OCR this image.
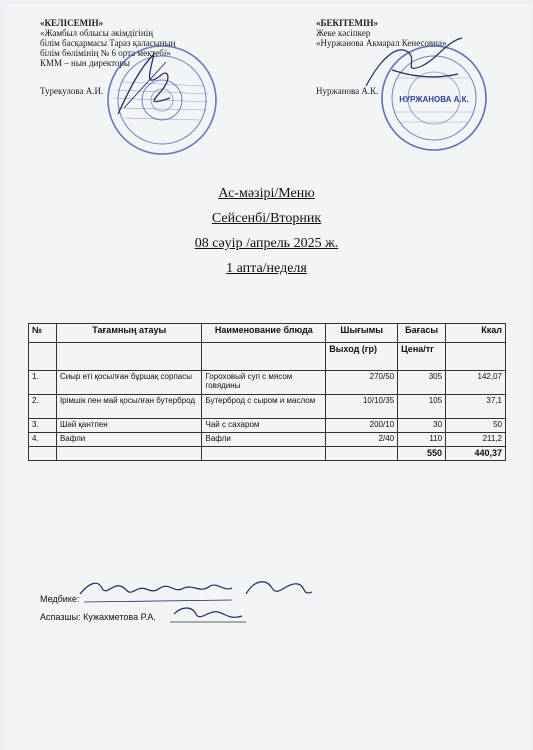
«КЕЛІСЕМІН»
«Жамбыл облысы әкімдігінің
білім басқармасы Тараз қаласының
білім бөлімінің № 6 орта мектебі»
КММ – нын директоры
Турекулова А.И.
«БЕКІТЕМІН»
Жеке кәсіпкер
«Нуржанова Акмарал Кенесовна»
Нуржанова А.К.
НУРЖАНОВА А.К.
Ас-мәзірі/Меню
Сейсенбі/Вторник
08 сәуір /апрель 2025 ж.
1 апта/неделя
№	Тағамның атауы	Наименование блюда	Шығымы	Бағасы	Ккал
			Выход (гр)	Цена/тг	
1.	Сиыр еті қосылған бұршақ сорпасы	Гороховый суп с мясом говядины	270/50	305	142,07
2.	Ірімшік пен май қосылған бутерброд	Бутерброд с сыром и маслом	10/10/35	105	37,1
3.	Шәй қантпен	Чай с сахаром	200/10	30	50
4.	Вафли	Вафли	2/40	110	211,2
				550	440,37
Медбике:
Аспазшы: Кужахметова Р.А.
